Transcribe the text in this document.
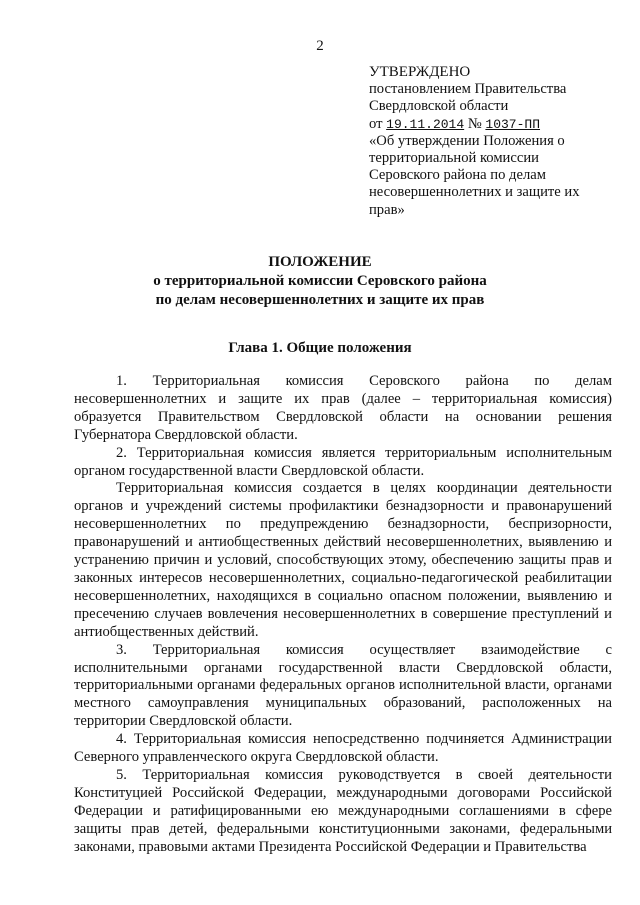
2

УТВЕРЖДЕНО

постановлением Правительства

Свердловской области

от 19.11.2014 № 1037-ПП

«Об утверждении Положения о

территориальной комиссии

Серовского района по делам

несовершеннолетних и защите их

прав»

ПОЛОЖЕНИЕ

о территориальной комиссии Серовского района

по делам несовершеннолетних и защите их прав

Глава 1. Общие положения

1. Территориальная комиссия Серовского района по делам несовершеннолетних и защите их прав (далее – территориальная комиссия) образуется Правительством Свердловской области на основании решения Губернатора Свердловской области.

2. Территориальная комиссия является территориальным исполнительным органом государственной власти Свердловской области.

Территориальная комиссия создается в целях координации деятельности органов и учреждений системы профилактики безнадзорности и правонарушений несовершеннолетних по предупреждению безнадзорности, беспризорности, правонарушений и антиобщественных действий несовершеннолетних, выявлению и устранению причин и условий, способствующих этому, обеспечению защиты прав и законных интересов несовершеннолетних, социально-педагогической реабилитации несовершеннолетних, находящихся в социально опасном положении, выявлению и пресечению случаев вовлечения несовершеннолетних в совершение преступлений и антиобщественных действий.

3. Территориальная комиссия осуществляет взаимодействие с исполнительными органами государственной власти Свердловской области, территориальными органами федеральных органов исполнительной власти, органами местного самоуправления муниципальных образований, расположенных на территории Свердловской области.

4. Территориальная комиссия непосредственно подчиняется Администрации Северного управленческого округа Свердловской области.

5. Территориальная комиссия руководствуется в своей деятельности Конституцией Российской Федерации, международными договорами Российской Федерации и ратифицированными ею международными соглашениями в сфере защиты прав детей, федеральными конституционными законами, федеральными законами, правовыми актами Президента Российской Федерации и Правительства
